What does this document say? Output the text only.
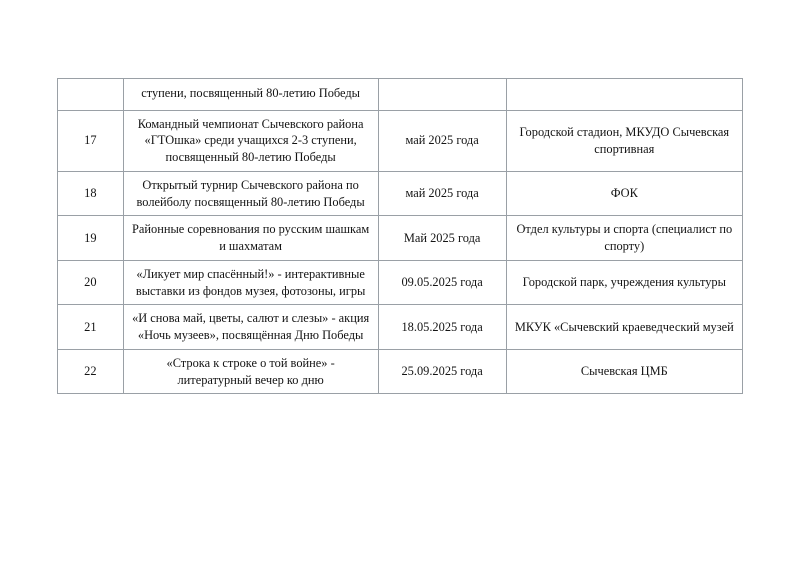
	ступени, посвященный 80-летию Победы		
17	Командный чемпионат Сычевского района «ГТОшка» среди учащихся 2-3 ступени, посвященный 80-летию Победы	май 2025 года	Городской стадион, МКУДО Сычевская спортивная
18	Открытый турнир Сычевского района по волейболу посвященный 80-летию Победы	май 2025 года	ФОК
19	Районные соревнования по русским шашкам и шахматам	Май 2025 года	Отдел культуры и спорта (специалист по спорту)
20	«Ликует мир спасённый!» - интерактивные выставки из фондов музея, фотозоны, игры	09.05.2025 года	Городской парк, учреждения культуры
21	«И снова май, цветы, салют и слезы» - акция «Ночь музеев», посвящённая Дню Победы	18.05.2025 года	МКУК «Сычевский краеведческий музей
22	«Строка к строке о той войне» - литературный вечер ко дню	25.09.2025 года	Сычевская ЦМБ
